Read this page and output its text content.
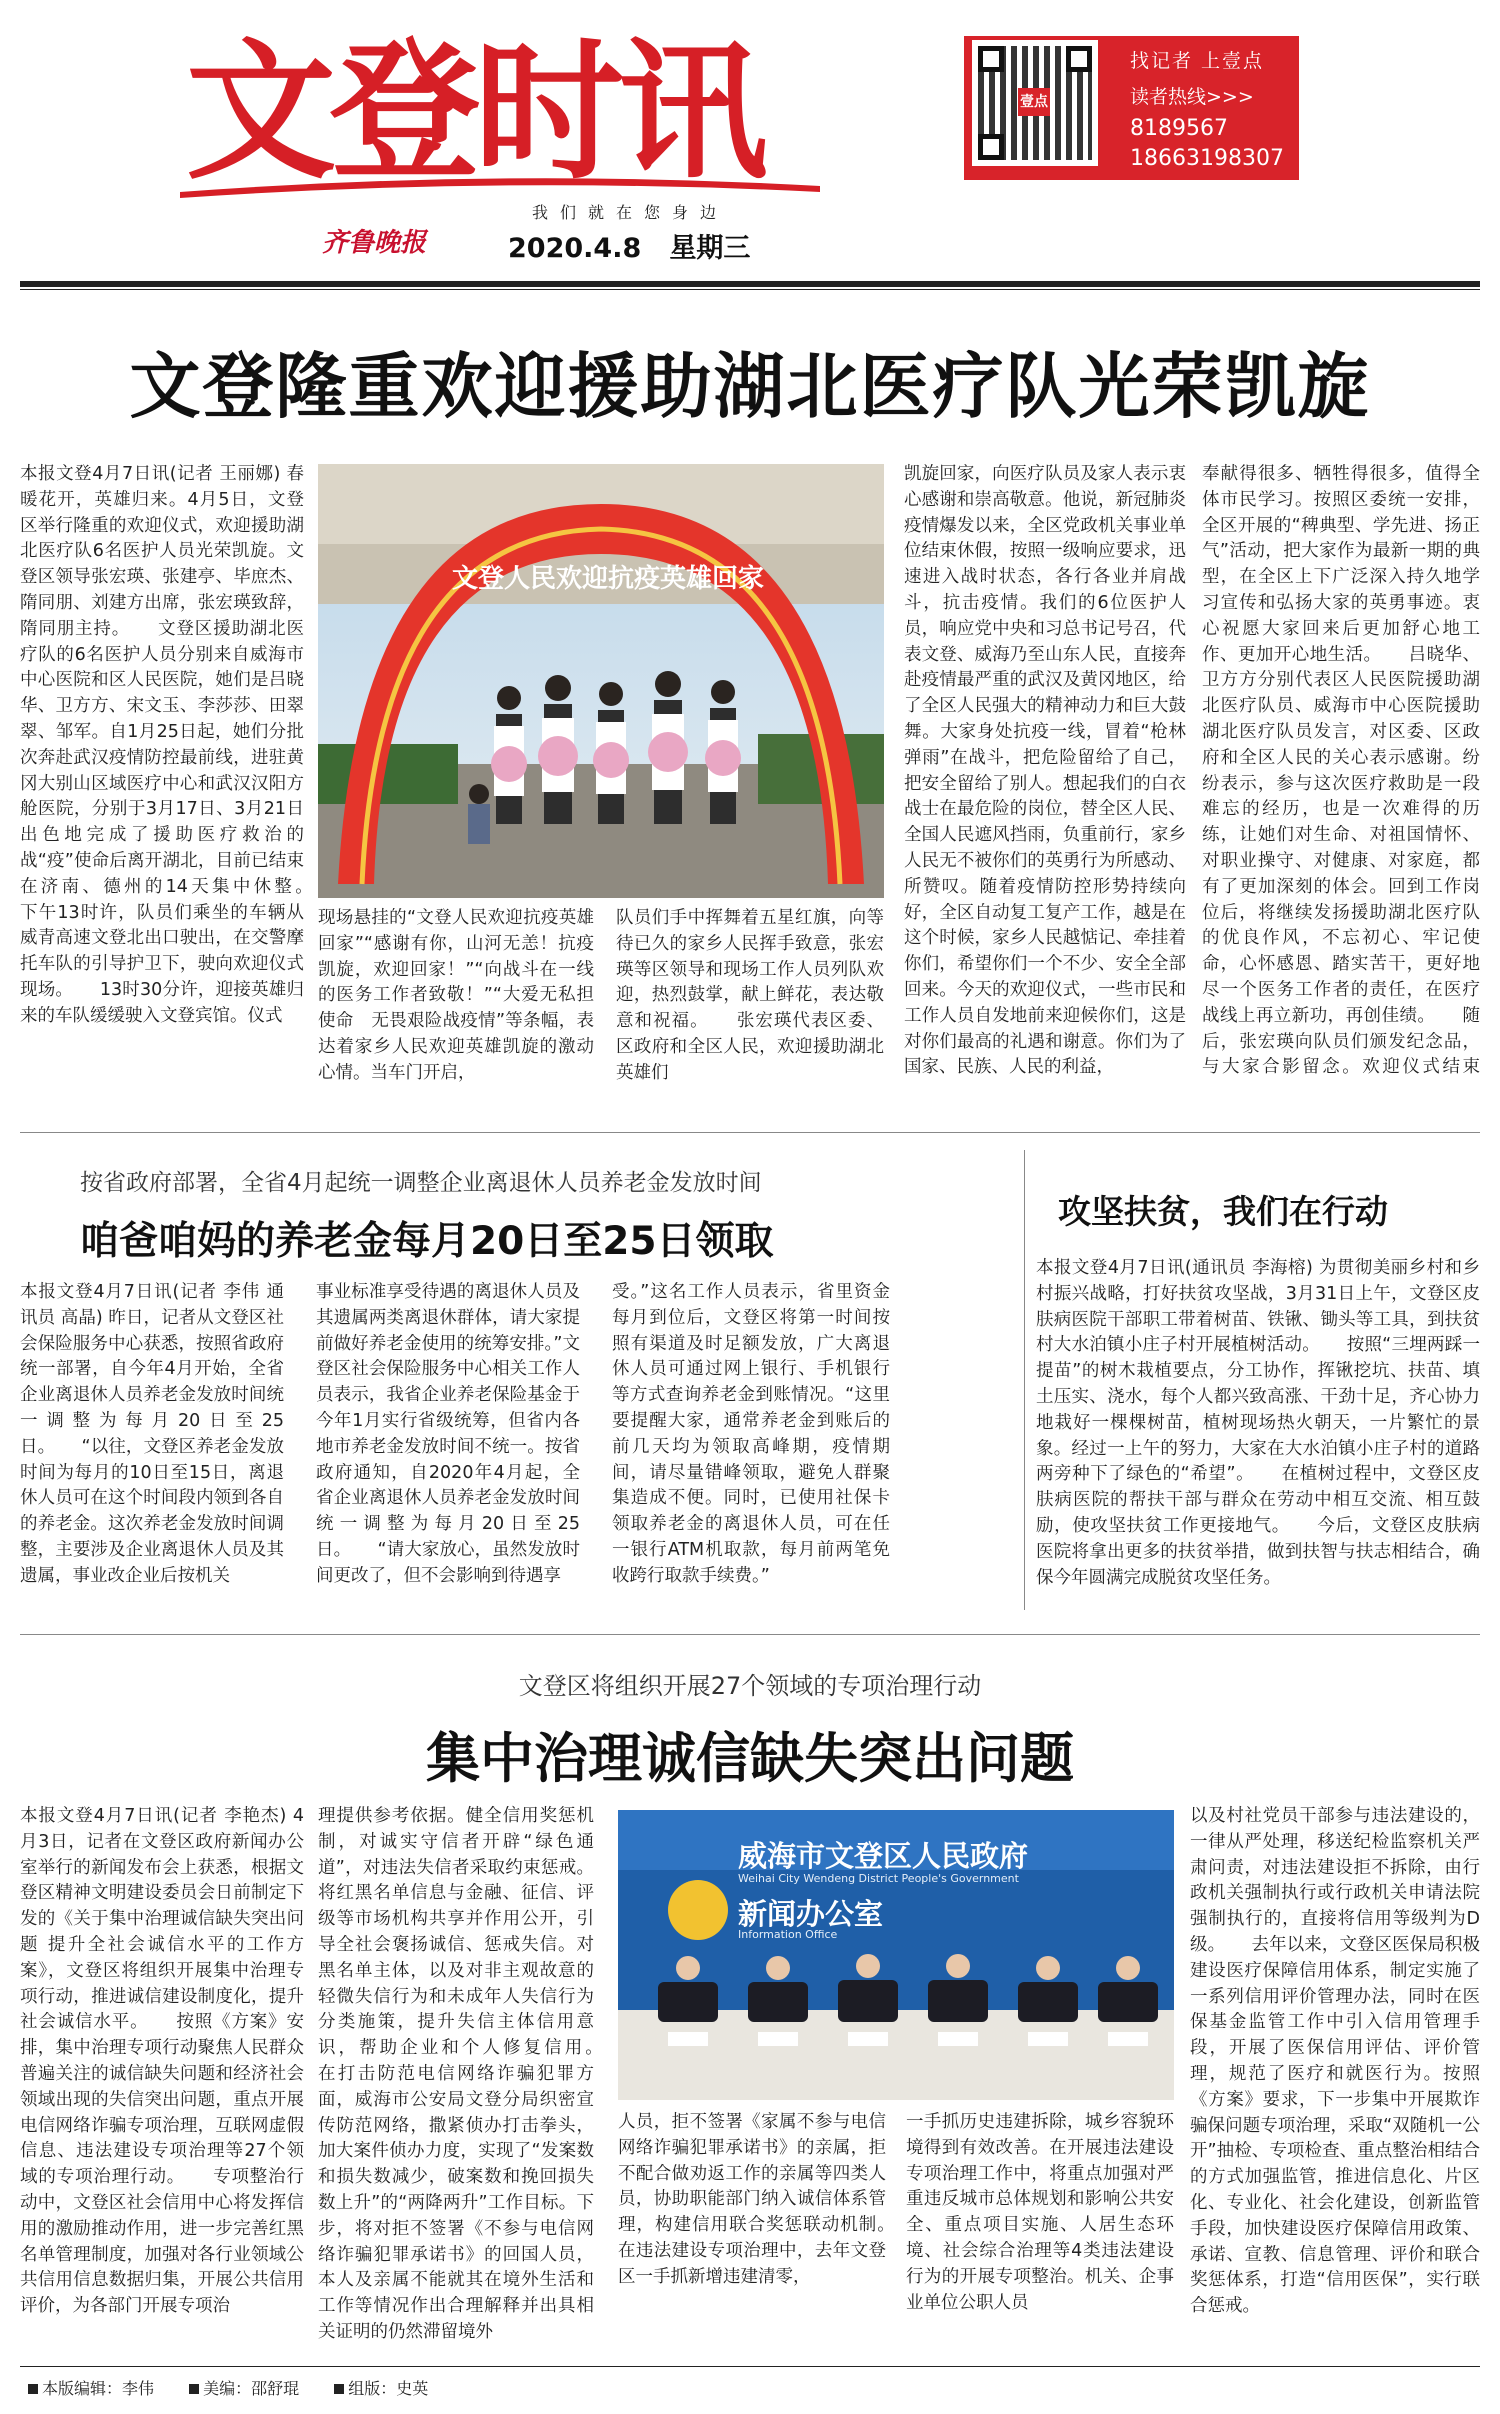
文登时讯
我们就在您身边
齐鲁晚报	2020.4.8 星期三
壹点
找记者 上壹点
读者热线>>>
8189567
18663198307
文登隆重欢迎援助湖北医疗队光荣凯旋
本报文登4月7日讯(记者 王丽娜) 春暖花开，英雄归来。4月5日，文登区举行隆重的欢迎仪式，欢迎援助湖北医疗队6名医护人员光荣凯旋。文登区领导张宏瑛、张建亭、毕庶杰、隋同朋、刘建方出席，张宏瑛致辞，隋同朋主持。　　文登区援助湖北医疗队的6名医护人员分别来自威海市中心医院和区人民医院，她们是吕晓华、卫方方、宋文玉、李莎莎、田翠翠、邹军。自1月25日起，她们分批次奔赴武汉疫情防控最前线，进驻黄冈大别山区域医疗中心和武汉汉阳方舱医院，分别于3月17日、3月21日出色地完成了援助医疗救治的战“疫”使命后离开湖北，目前已结束在济南、德州的14天集中休整。　　下午13时许，队员们乘坐的车辆从威青高速文登北出口驶出，在交警摩托车队的引导护卫下，驶向欢迎仪式现场。　　13时30分许，迎接英雄归来的车队缓缓驶入文登宾馆。仪式
文登人民欢迎抗疫英雄回家
现场悬挂的“文登人民欢迎抗疫英雄回家”“感谢有你，山河无恙！抗疫凯旋，欢迎回家！”“向战斗在一线的医务工作者致敬！”“大爱无私担使命　无畏艰险战疫情”等条幅，表达着家乡人民欢迎英雄凯旋的激动心情。当车门开启，
队员们手中挥舞着五星红旗，向等待已久的家乡人民挥手致意，张宏瑛等区领导和现场工作人员列队欢迎，热烈鼓掌，献上鲜花，表达敬意和祝福。　　张宏瑛代表区委、区政府和全区人民，欢迎援助湖北英雄们
凯旋回家，向医疗队员及家人表示衷心感谢和崇高敬意。他说，新冠肺炎疫情爆发以来，全区党政机关事业单位结束休假，按照一级响应要求，迅速进入战时状态，各行各业并肩战斗，抗击疫情。我们的6位医护人员，响应党中央和习总书记号召，代表文登、威海乃至山东人民，直接奔赴疫情最严重的武汉及黄冈地区，给了全区人民强大的精神动力和巨大鼓舞。大家身处抗疫一线，冒着“枪林弹雨”在战斗，把危险留给了自己，把安全留给了别人。想起我们的白衣战士在最危险的岗位，替全区人民、全国人民遮风挡雨，负重前行，家乡人民无不被你们的英勇行为所感动、所赞叹。随着疫情防控形势持续向好，全区自动复工复产工作，越是在这个时候，家乡人民越惦记、牵挂着你们，希望你们一个不少、安全全部回来。今天的欢迎仪式，一些市民和工作人员自发地前来迎候你们，这是对你们最高的礼遇和谢意。你们为了国家、民族、人民的利益，
奉献得很多、牺牲得很多，值得全体市民学习。按照区委统一安排，全区开展的“稗典型、学先进、扬正气”活动，把大家作为最新一期的典型，在全区上下广泛深入持久地学习宣传和弘扬大家的英勇事迹。衷心祝愿大家回来后更加舒心地工作、更加开心地生活。　　吕晓华、卫方方分别代表区人民医院援助湖北医疗队员、威海市中心医院援助湖北医疗队员发言，对区委、区政府和全区人民的关心表示感谢。纷纷表示，参与这次医疗救助是一段难忘的经历，也是一次难得的历练，让她们对生命、对祖国情怀、对职业操守、对健康、对家庭，都有了更加深刻的体会。回到工作岗位后，将继续发扬援助湖北医疗队的优良作风，不忘初心、牢记使命，心怀感恩、踏实苦干，更好地尽一个医务工作者的责任，在医疗战线上再立新功，再创佳绩。　　随后，张宏瑛向队员们颁发纪念品，与大家合影留念。欢迎仪式结束
按省政府部署，全省4月起统一调整企业离退休人员养老金发放时间
咱爸咱妈的养老金每月20日至25日领取
本报文登4月7日讯(记者 李伟 通讯员 高晶) 昨日，记者从文登区社会保险服务中心获悉，按照省政府统一部署，自今年4月开始，全省企业离退休人员养老金发放时间统一调整为每月20日至25日。　　“以往，文登区养老金发放时间为每月的10日至15日，离退休人员可在这个时间段内领到各自的养老金。这次养老金发放时间调整，主要涉及企业离退休人员及其遗属，事业改企业后按机关
事业标准享受待遇的离退休人员及其遗属两类离退休群体，请大家提前做好养老金使用的统筹安排。”文登区社会保险服务中心相关工作人员表示，我省企业养老保险基金于今年1月实行省级统筹，但省内各地市养老金发放时间不统一。按省政府通知，自2020年4月起，全省企业离退休人员养老金发放时间统一调整为每月20日至25日。　　“请大家放心，虽然发放时间更改了，但不会影响到待遇享
受。”这名工作人员表示，省里资金每月到位后，文登区将第一时间按照有渠道及时足额发放，广大离退休人员可通过网上银行、手机银行等方式查询养老金到账情况。“这里要提醒大家，通常养老金到账后的前几天均为领取高峰期，疫情期间，请尽量错峰领取，避免人群聚集造成不便。同时，已使用社保卡领取养老金的离退休人员，可在任一银行ATM机取款，每月前两笔免收跨行取款手续费。”
攻坚扶贫，我们在行动
本报文登4月7日讯(通讯员 李海榕) 为贯彻美丽乡村和乡村振兴战略，打好扶贫攻坚战，3月31日上午，文登区皮肤病医院干部职工带着树苗、铁锹、锄头等工具，到扶贫村大水泊镇小庄子村开展植树活动。　　按照“三埋两踩一提苗”的树木栽植要点，分工协作，挥锹挖坑、扶苗、填土压实、浇水，每个人都兴致高涨、干劲十足，齐心协力地栽好一棵棵树苗，植树现场热火朝天，一片繁忙的景象。经过一上午的努力，大家在大水泊镇小庄子村的道路两旁种下了绿色的“希望”。　　在植树过程中，文登区皮肤病医院的帮扶干部与群众在劳动中相互交流、相互鼓励，使攻坚扶贫工作更接地气。　　今后，文登区皮肤病医院将拿出更多的扶贫举措，做到扶智与扶志相结合，确保今年圆满完成脱贫攻坚任务。
文登区将组织开展27个领域的专项治理行动
集中治理诚信缺失突出问题
本报文登4月7日讯(记者 李艳杰) 4月3日，记者在文登区政府新闻办公室举行的新闻发布会上获悉，根据文登区精神文明建设委员会日前制定下发的《关于集中治理诚信缺失突出问题 提升全社会诚信水平的工作方案》，文登区将组织开展集中治理专项行动，推进诚信建设制度化，提升社会诚信水平。　　按照《方案》安排，集中治理专项行动聚焦人民群众普遍关注的诚信缺失问题和经济社会领域出现的失信突出问题，重点开展电信网络诈骗专项治理，互联网虚假信息、违法建设专项治理等27个领域的专项治理行动。　　专项整治行动中，文登区社会信用中心将发挥信用的激励推动作用，进一步完善红黑名单管理制度，加强对各行业领域公共信用信息数据归集，开展公共信用评价，为各部门开展专项治
理提供参考依据。健全信用奖惩机制，对诚实守信者开辟“绿色通道”，对违法失信者采取约束惩戒。将红黑名单信息与金融、征信、评级等市场机构共享并作用公开，引导全社会褒扬诚信、惩戒失信。对黑名单主体，以及对非主观故意的轻微失信行为和未成年人失信行为分类施策，提升失信主体信用意识，帮助企业和个人修复信用。　　在打击防范电信网络诈骗犯罪方面，威海市公安局文登分局织密宣传防范网络，撒紧侦办打击拳头，加大案件侦办力度，实现了“发案数和损失数减少，破案数和挽回损失数上升”的“两降两升”工作目标。下步，将对拒不签署《不参与电信网络诈骗犯罪承诺书》的回国人员，本人及亲属不能就其在境外生活和工作等情况作出合理解释并出具相关证明的仍然滞留境外
威海市文登区人民政府
Weihai City Wendeng District People's Government
新闻办公室
Information Office
人员，拒不签署《家属不参与电信网络诈骗犯罪承诺书》的亲属，拒不配合做劝返工作的亲属等四类人员，协助职能部门纳入诚信体系管理，构建信用联合奖惩联动机制。　　在违法建设专项治理中，去年文登区一手抓新增违建清零，
一手抓历史违建拆除，城乡容貌环境得到有效改善。在开展违法建设专项治理工作中，将重点加强对严重违反城市总体规划和影响公共安全、重点项目实施、人居生态环境、社会综合治理等4类违法建设行为的开展专项整治。机关、企事业单位公职人员
以及村社党员干部参与违法建设的，一律从严处理，移送纪检监察机关严肃问责，对违法建设拒不拆除，由行政机关强制执行或行政机关申请法院强制执行的，直接将信用等级判为D级。　　去年以来，文登区医保局积极建设医疗保障信用体系，制定实施了一系列信用评价管理办法，同时在医保基金监管工作中引入信用管理手段，开展了医保信用评估、评价管理，规范了医疗和就医行为。按照《方案》要求，下一步集中开展欺诈骗保问题专项治理，采取“双随机一公开”抽检、专项检查、重点整治相结合的方式加强监管，推进信息化、片区化、专业化、社会化建设，创新监管手段，加快建设医疗保障信用政策、承诺、宣教、信息管理、评价和联合奖惩体系，打造“信用医保”，实行联合惩戒。
本版编辑：李伟	美编：邵舒琨	组版：史英
